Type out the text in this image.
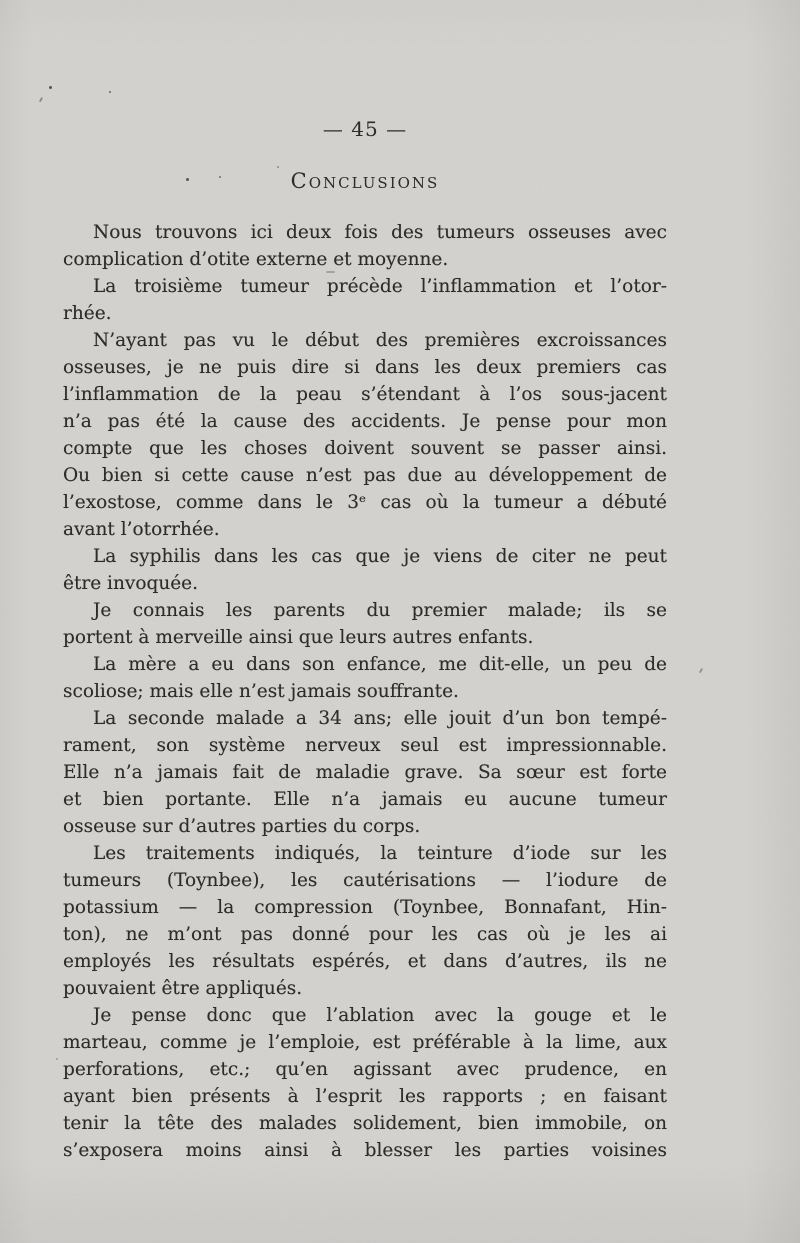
— 45 —
Conclusions
Nous trouvons ici deux fois des tumeurs osseuses avec
complication d’otite externe et moyenne.
La troisième tumeur précède l’inflammation et l’otor-
rhée.
N’ayant pas vu le début des premières excroissances
osseuses, je ne puis dire si dans les deux premiers cas
l’inflammation de la peau s’étendant à l’os sous-jacent
n’a pas été la cause des accidents. Je pense pour mon
compte que les choses doivent souvent se passer ainsi.
Ou bien si cette cause n’est pas due au développement de
l’exostose, comme dans le 3ᵉ cas où la tumeur a débuté
avant l’otorrhée.
La syphilis dans les cas que je viens de citer ne peut
être invoquée.
Je connais les parents du premier malade; ils se
portent à merveille ainsi que leurs autres enfants.
La mère a eu dans son enfance, me dit-elle, un peu de
scoliose; mais elle n’est jamais souffrante.
La seconde malade a 34 ans; elle jouit d’un bon tempé-
rament, son système nerveux seul est impressionnable.
Elle n’a jamais fait de maladie grave. Sa sœur est forte
et bien portante. Elle n’a jamais eu aucune tumeur
osseuse sur d’autres parties du corps.
Les traitements indiqués, la teinture d’iode sur les
tumeurs (Toynbee), les cautérisations — l’iodure de
potassium — la compression (Toynbee, Bonnafant, Hin-
ton), ne m’ont pas donné pour les cas où je les ai
employés les résultats espérés, et dans d’autres, ils ne
pouvaient être appliqués.
Je pense donc que l’ablation avec la gouge et le
marteau, comme je l’emploie, est préférable à la lime, aux
perforations, etc.; qu’en agissant avec prudence, en
ayant bien présents à l’esprit les rapports ; en faisant
tenir la tête des malades solidement, bien immobile, on
s’exposera moins ainsi à blesser les parties voisines
